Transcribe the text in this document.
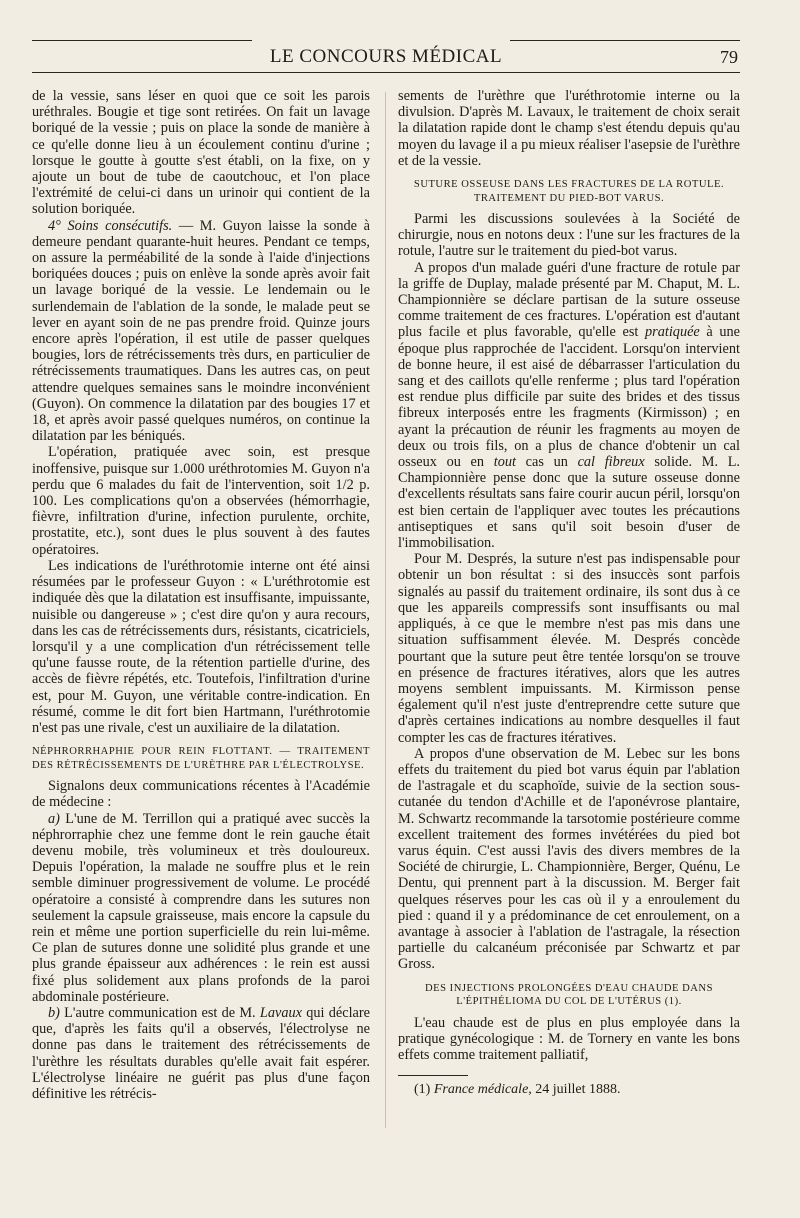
LE CONCOURS MÉDICAL	79

de la vessie, sans léser en quoi que ce soit les parois uréthrales. Bougie et tige sont retirées. On fait un lavage boriqué de la vessie ; puis on place la sonde de manière à ce qu'elle donne lieu à un écoulement continu d'urine ; lorsque le goutte à goutte s'est établi, on la fixe, on y ajoute un bout de tube de caoutchouc, et l'on place l'extrémité de celui-ci dans un urinoir qui contient de la solution boriquée.

4° Soins consécutifs. — M. Guyon laisse la sonde à demeure pendant quarante-huit heures. Pendant ce temps, on assure la perméabilité de la sonde à l'aide d'injections boriquées douces ; puis on enlève la sonde après avoir fait un lavage boriqué de la vessie. Le lendemain ou le surlendemain de l'ablation de la sonde, le malade peut se lever en ayant soin de ne pas prendre froid. Quinze jours encore après l'opération, il est utile de passer quelques bougies, lors de rétrécissements très durs, en particulier de rétrécissements traumatiques. Dans les autres cas, on peut attendre quelques semaines sans le moindre inconvénient (Guyon). On commence la dilatation par des bougies 17 et 18, et après avoir passé quelques numéros, on continue la dilatation par les béniqués.

L'opération, pratiquée avec soin, est presque inoffensive, puisque sur 1.000 uréthrotomies M. Guyon n'a perdu que 6 malades du fait de l'intervention, soit 1/2 p. 100. Les complications qu'on a observées (hémorrhagie, fièvre, infiltration d'urine, infection purulente, orchite, prostatite, etc.), sont dues le plus souvent à des fautes opératoires.

Les indications de l'uréthrotomie interne ont été ainsi résumées par le professeur Guyon : « L'uréthrotomie est indiquée dès que la dilatation est insuffisante, impuissante, nuisible ou dangereuse » ; c'est dire qu'on y aura recours, dans les cas de rétrécissements durs, résistants, cicatriciels, lorsqu'il y a une complication d'un rétrécissement telle qu'une fausse route, de la rétention partielle d'urine, des accès de fièvre répétés, etc. Toutefois, l'infiltration d'urine est, pour M. Guyon, une véritable contre-indication. En résumé, comme le dit fort bien Hartmann, l'uréthrotomie n'est pas une rivale, c'est un auxiliaire de la dilatation.

NÉPHRORRHAPHIE POUR REIN FLOTTANT. — TRAITEMENT DES RÉTRÉCISSEMENTS DE L'URÈTHRE PAR L'ÉLECTROLYSE.

Signalons deux communications récentes à l'Académie de médecine :

a) L'une de M. Terrillon qui a pratiqué avec succès la néphrorraphie chez une femme dont le rein gauche était devenu mobile, très volumineux et très douloureux. Depuis l'opération, la malade ne souffre plus et le rein semble diminuer progressivement de volume. Le procédé opératoire a consisté à comprendre dans les sutures non seulement la capsule graisseuse, mais encore la capsule du rein et même une portion superficielle du rein lui-même. Ce plan de sutures donne une solidité plus grande et une plus grande épaisseur aux adhérences : le rein est aussi fixé plus solidement aux plans profonds de la paroi abdominale postérieure.

b) L'autre communication est de M. Lavaux qui déclare que, d'après les faits qu'il a observés, l'électrolyse ne donne pas dans le traitement des rétrécissements de l'urèthre les résultats durables qu'elle avait fait espérer. L'électrolyse linéaire ne guérit pas plus d'une façon définitive les rétrécis-

sements de l'urèthre que l'uréthrotomie interne ou la divulsion. D'après M. Lavaux, le traitement de choix serait la dilatation rapide dont le champ s'est étendu depuis qu'au moyen du lavage il a pu mieux réaliser l'asepsie de l'urèthre et de la vessie.

SUTURE OSSEUSE DANS LES FRACTURES DE LA ROTULE. TRAITEMENT DU PIED-BOT VARUS.

Parmi les discussions soulevées à la Société de chirurgie, nous en notons deux : l'une sur les fractures de la rotule, l'autre sur le traitement du pied-bot varus.

A propos d'un malade guéri d'une fracture de rotule par la griffe de Duplay, malade présenté par M. Chaput, M. L. Championnière se déclare partisan de la suture osseuse comme traitement de ces fractures. L'opération est d'autant plus facile et plus favorable, qu'elle est pratiquée à une époque plus rapprochée de l'accident. Lorsqu'on intervient de bonne heure, il est aisé de débarrasser l'articulation du sang et des caillots qu'elle renferme ; plus tard l'opération est rendue plus difficile par suite des brides et des tissus fibreux interposés entre les fragments (Kirmisson) ; en ayant la précaution de réunir les fragments au moyen de deux ou trois fils, on a plus de chance d'obtenir un cal osseux ou en tout cas un cal fibreux solide. M. L. Championnière pense donc que la suture osseuse donne d'excellents résultats sans faire courir aucun péril, lorsqu'on est bien certain de l'appliquer avec toutes les précautions antiseptiques et sans qu'il soit besoin d'user de l'immobilisation.

Pour M. Després, la suture n'est pas indispensable pour obtenir un bon résultat : si des insuccès sont parfois signalés au passif du traitement ordinaire, ils sont dus à ce que les appareils compressifs sont insuffisants ou mal appliqués, à ce que le membre n'est pas mis dans une situation suffisamment élevée. M. Després concède pourtant que la suture peut être tentée lorsqu'on se trouve en présence de fractures itératives, alors que les autres moyens semblent impuissants. M. Kirmisson pense également qu'il n'est juste d'entreprendre cette suture que d'après certaines indications au nombre desquelles il faut compter les cas de fractures itératives.

A propos d'une observation de M. Lebec sur les bons effets du traitement du pied bot varus équin par l'ablation de l'astragale et du scaphoïde, suivie de la section sous-cutanée du tendon d'Achille et de l'aponévrose plantaire, M. Schwartz recommande la tarsotomie postérieure comme excellent traitement des formes invétérées du pied bot varus équin. C'est aussi l'avis des divers membres de la Société de chirurgie, L. Championnière, Berger, Quénu, Le Dentu, qui prennent part à la discussion. M. Berger fait quelques réserves pour les cas où il y a enroulement du pied : quand il y a prédominance de cet enroulement, on a avantage à associer à l'ablation de l'astragale, la résection partielle du calcanéum préconisée par Schwartz et par Gross.

DES INJECTIONS PROLONGÉES D'EAU CHAUDE DANS L'ÉPITHÉLIOMA DU COL DE L'UTÉRUS (1).

L'eau chaude est de plus en plus employée dans la pratique gynécologique : M. de Tornery en vante les bons effets comme traitement palliatif,

(1) France médicale, 24 juillet 1888.
